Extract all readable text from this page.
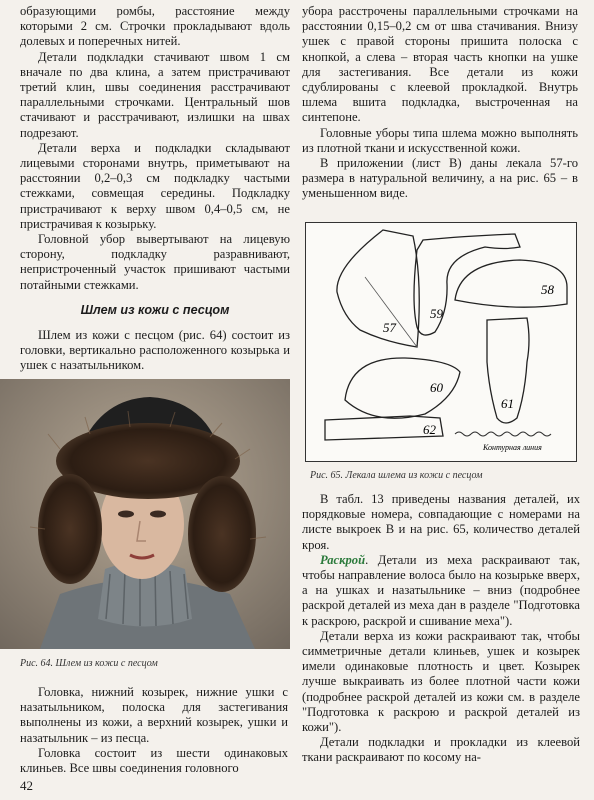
образующими ромбы, расстояние между которыми 2 см. Строчки прокладывают вдоль долевых и поперечных нитей.

Детали подкладки стачивают швом 1 см вначале по два клина, а затем пристрачивают третий клин, швы соединения расстрачивают параллельными строчками. Центральный шов стачивают и расстрачивают, излишки на швах подрезают.

Детали верха и подкладки складывают лицевыми сторонами внутрь, приметывают на расстоянии 0,2–0,3 см подкладку частыми стежками, совмещая середины. Подкладку пристрачивают к верху швом 0,4–0,5 см, не пристрачивая к козырьку.

Головной убор вывертывают на лицевую сторону, подкладку разравнивают, непристроченный участок пришивают частыми потайными стежками.

Шлем из кожи с песцом

Шлем из кожи с песцом (рис. 64) состоит из головки, вертикально расположенного козырька и ушек с назатыльником.

Рис. 64. Шлем из кожи с песцом

Головка, нижний козырек, нижние ушки с назатыльником, полоска для застегивания выполнены из кожи, а верхний козырек, ушки и назатыльник – из песца.

Головка состоит из шести одинаковых клиньев. Все швы соединения головного

убора расстрочены параллельными строчками на расстоянии 0,15–0,2 см от шва стачивания. Внизу ушек с правой стороны пришита полоска с кнопкой, а слева – вторая часть кнопки на ушке для застегивания. Все детали из кожи сдублированы с клеевой прокладкой. Внутрь шлема вшита подкладка, выстроченная на синтепоне.

Головные уборы типа шлема можно выполнять из плотной ткани и искусственной кожи.

В приложении (лист В) даны лекала 57-го размера в натуральной величину, а на рис. 65 – в уменьшенном виде.

57
59
58
60
61
62
Контурная линия
Рис. 65. Лекала шлема из кожи с песцом

В табл. 13 приведены названия деталей, их порядковые номера, совпадающие с номерами на листе выкроек В и на рис. 65, количество деталей кроя.

Раскрой. Детали из меха раскраивают так, чтобы направление волоса было на козырьке вверх, а на ушках и назатыльнике – вниз (подробнее раскрой деталей из меха дан в разделе "Подготовка к раскрою, раскрой и сшивание меха").

Детали верха из кожи раскраивают так, чтобы симметричные детали клиньев, ушек и козырек имели одинаковые плотность и цвет. Козырек лучше выкраивать из более плотной части кожи (подробнее раскрой деталей из кожи см. в разделе "Подготовка к раскрою и раскрой деталей из кожи").

Детали подкладки и прокладки из клеевой ткани раскраивают по косому на-

42
